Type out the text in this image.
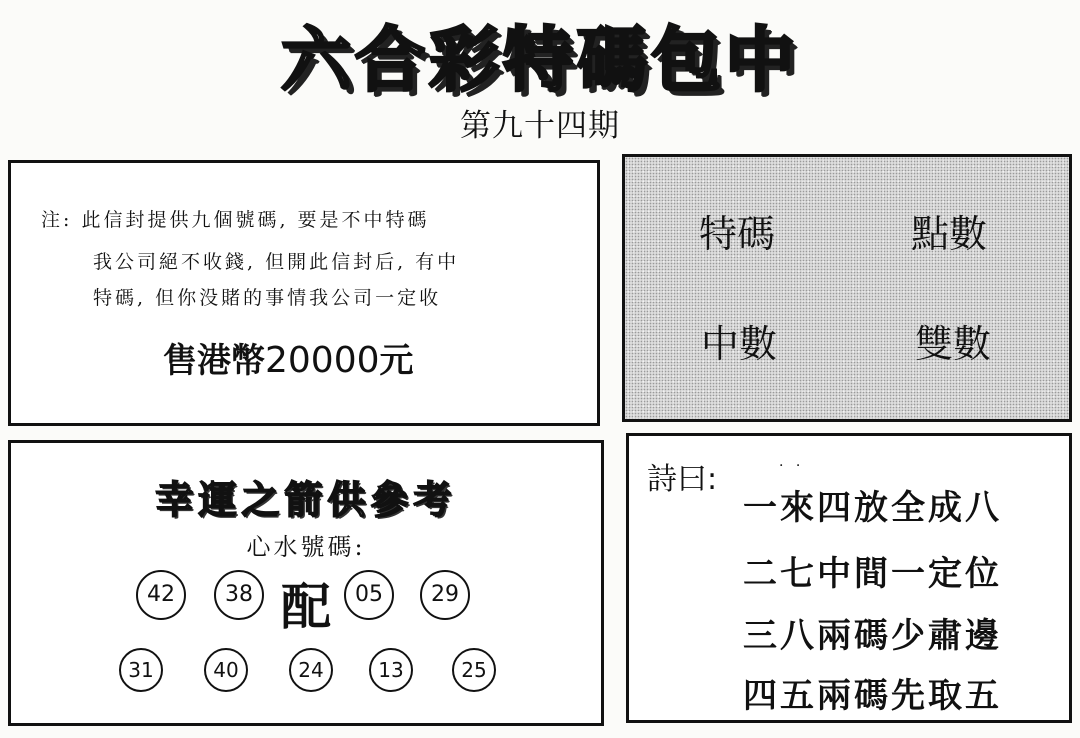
六合彩特碼包中
第九十四期
注: 此信封提供九個號碼, 要是不中特碼
我公司絕不收錢, 但開此信封后, 有中
特碼, 但你没賭的事情我公司一定收
售港幣20000元
特碼	點數
中數	雙數
幸運之箭供參考
心水號碼:
42	38 配	05	29
31	40	24	13	25
詩曰:	· ·
一來四放全成八
二七中間一定位
三八兩碼少肅邊
四五兩碼先取五
